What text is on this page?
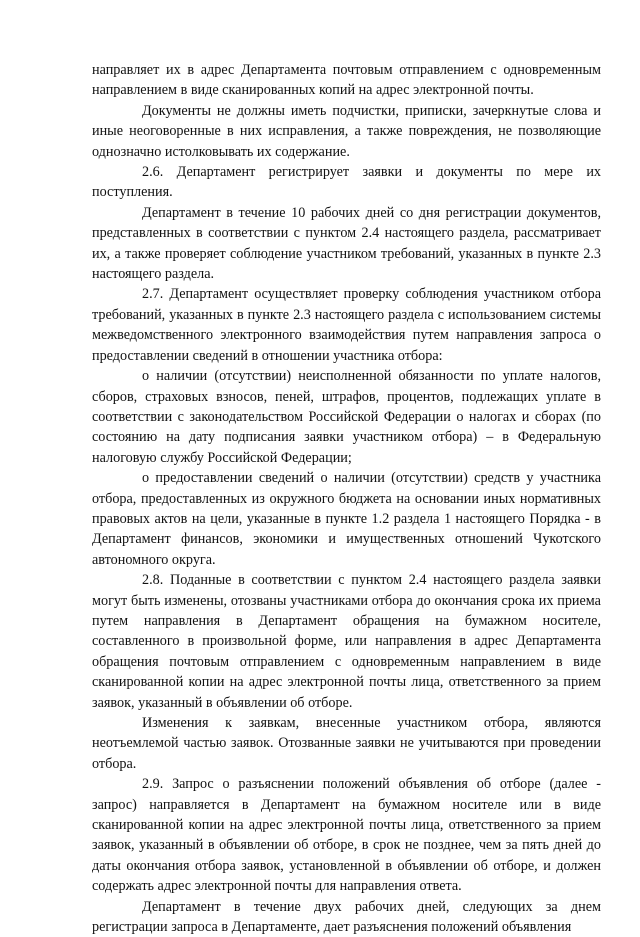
направляет их в адрес Департамента почтовым отправлением с одновременным направлением в виде сканированных копий на адрес электронной почты.

Документы не должны иметь подчистки, приписки, зачеркнутые слова и иные неоговоренные в них исправления, а также повреждения, не позволяющие однозначно истолковывать их содержание.

2.6. Департамент регистрирует заявки и документы по мере их поступления.

Департамент в течение 10 рабочих дней со дня регистрации документов, представленных в соответствии с пунктом 2.4 настоящего раздела, рассматривает их, а также проверяет соблюдение участником требований, указанных в пункте 2.3 настоящего раздела.

2.7. Департамент осуществляет проверку соблюдения участником отбора требований, указанных в пункте 2.3 настоящего раздела с использованием системы межведомственного электронного взаимодействия путем направления запроса о предоставлении сведений в отношении участника отбора:

о наличии (отсутствии) неисполненной обязанности по уплате налогов, сборов, страховых взносов, пеней, штрафов, процентов, подлежащих уплате в соответствии с законодательством Российской Федерации о налогах и сборах (по состоянию на дату подписания заявки участником отбора) – в Федеральную налоговую службу Российской Федерации;

о предоставлении сведений о наличии (отсутствии) средств у участника отбора, предоставленных из окружного бюджета на основании иных нормативных правовых актов на цели, указанные в пункте 1.2 раздела 1 настоящего Порядка - в Департамент финансов, экономики и имущественных отношений Чукотского автономного округа.

2.8. Поданные в соответствии с пунктом 2.4 настоящего раздела заявки могут быть изменены, отозваны участниками отбора до окончания срока их приема путем направления в Департамент обращения на бумажном носителе, составленного в произвольной форме, или направления в адрес Департамента обращения почтовым отправлением с одновременным направлением в виде сканированной копии на адрес электронной почты лица, ответственного за прием заявок, указанный в объявлении об отборе.

Изменения к заявкам, внесенные участником отбора, являются неотъемлемой частью заявок. Отозванные заявки не учитываются при проведении отбора.

2.9. Запрос о разъяснении положений объявления об отборе (далее - запрос) направляется в Департамент на бумажном носителе или в виде сканированной копии на адрес электронной почты лица, ответственного за прием заявок, указанный в объявлении об отборе, в срок не позднее, чем за пять дней до даты окончания отбора заявок, установленной в объявлении об отборе, и должен содержать адрес электронной почты для направления ответа.

Департамент в течение двух рабочих дней, следующих за днем регистрации запроса в Департаменте, дает разъяснения положений объявления
